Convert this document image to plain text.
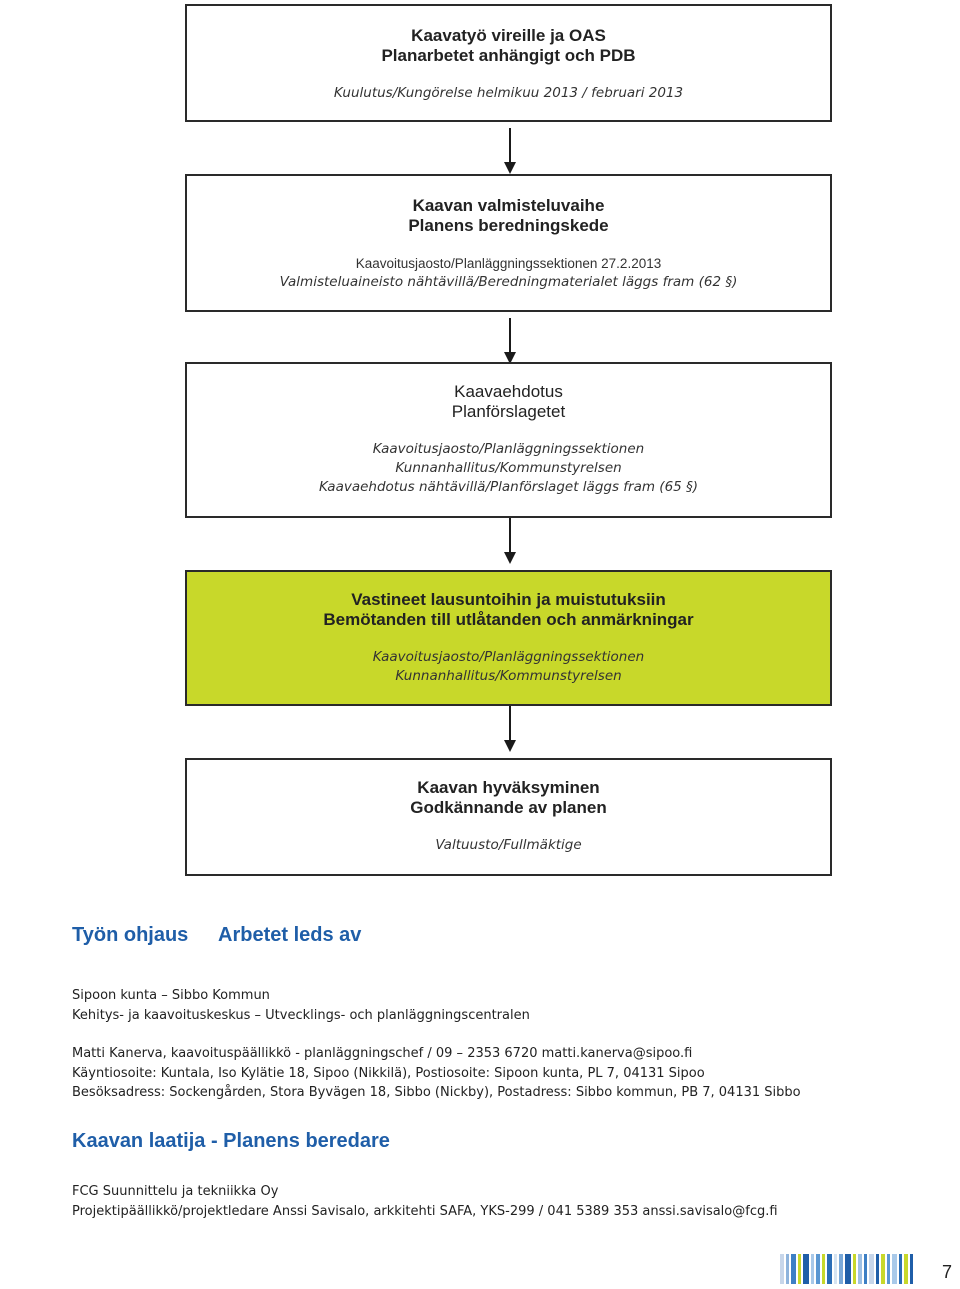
Kaavatyö vireille ja OAS
Planarbetet anhängigt och PDB
Kuulutus/Kungörelse helmikuu 2013 / februari 2013
Kaavan valmisteluvaihe
Planens beredningskede
Kaavoitusjaosto/Planläggningssektionen 27.2.2013
Valmisteluaineisto nähtävillä/Beredningmaterialet läggs fram (62 §)
Kaavaehdotus
Planförslagetet
Kaavoitusjaosto/Planläggningssektionen
Kunnanhallitus/Kommunstyrelsen
Kaavaehdotus nähtävillä/Planförslaget läggs fram (65 §)
Vastineet lausuntoihin ja muistutuksiin
Bemötanden till utlåtanden och anmärkningar
Kaavoitusjaosto/Planläggningssektionen
Kunnanhallitus/Kommunstyrelsen
Kaavan hyväksyminen
Godkännande av planen
Valtuusto/Fullmäktige
Työn ohjaus Arbetet leds av
Sipoon kunta – Sibbo Kommun
Kehitys- ja kaavoituskeskus – Utvecklings- och planläggningscentralen
Matti Kanerva, kaavoituspäällikkö - planläggningschef / 09 – 2353 6720 matti.kanerva@sipoo.fi
Käyntiosoite: Kuntala, Iso Kylätie 18, Sipoo (Nikkilä), Postiosoite: Sipoon kunta, PL 7, 04131 Sipoo
Besöksadress: Sockengården, Stora Byvägen 18, Sibbo (Nickby), Postadress: Sibbo kommun, PB 7, 04131 Sibbo
Kaavan laatija - Planens beredare
FCG Suunnittelu ja tekniikka Oy
Projektipäällikkö/projektledare Anssi Savisalo, arkkitehti SAFA, YKS-299 / 041 5389 353 anssi.savisalo@fcg.fi
7
